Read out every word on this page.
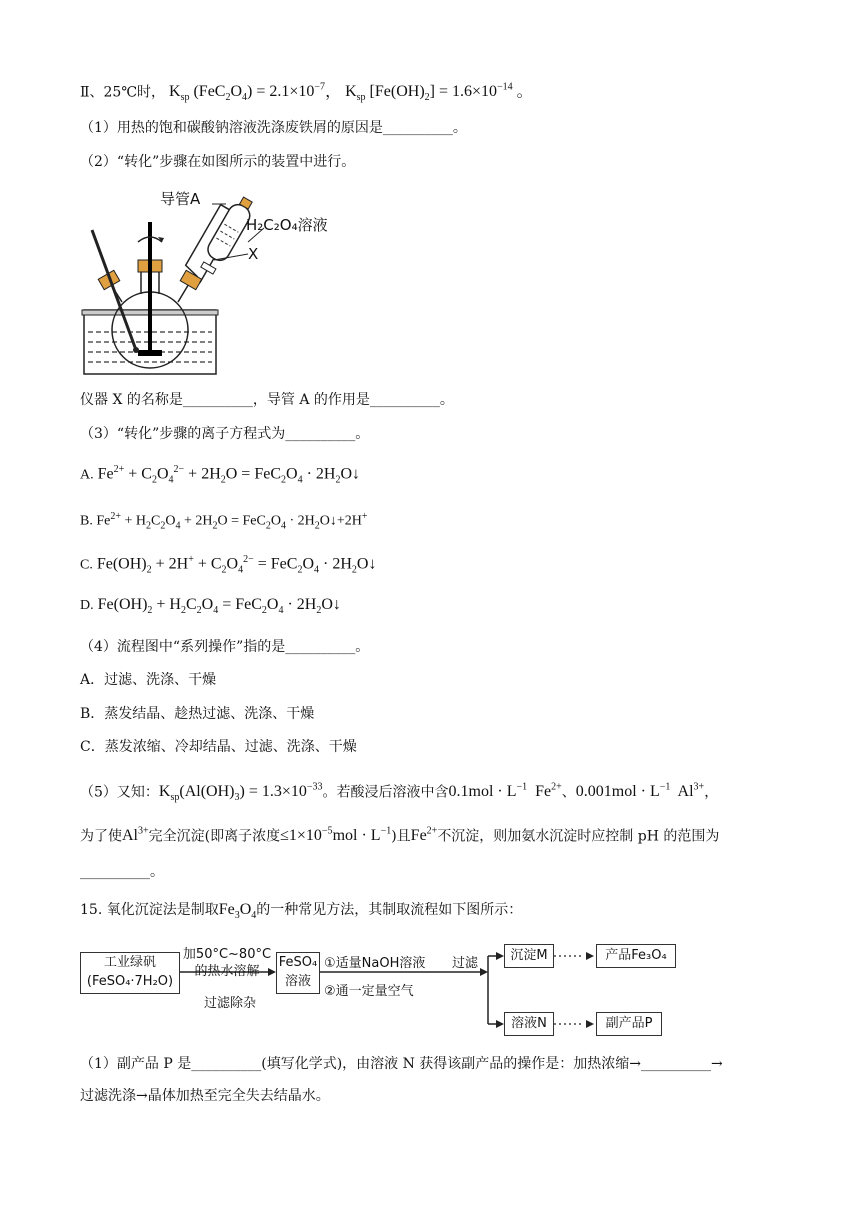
Ⅱ、25℃时， $K_{sp}$ $(FeC_2O_4) = 2.1\times 10^{-7}$， $K_{sp}$ $[Fe(OH)_2] = 1.6\times 10^{-14}$ 。
（1）用热的饱和碳酸钠溶液洗涤废铁屑的原因是__________。
（2）“转化”步骤在如图所示的装置中进行。
导管A
H₂C₂O₄溶液
X
仪器 X 的名称是__________，导管 A 的作用是__________。
（3）“转化”步骤的离子方程式为__________。
A. $Fe^{2+} + C_2O_4^{2-} + 2H_2O = FeC_2O_4$ · $2H_2O↓$
B. $Fe^{2+} + H_2C_2O_4 + 2H_2O = FeC_2O_4$ · $2H_2O↓+2H^+$
C. $Fe(OH)_2 + 2H^+ + C_2O_4^{2-} = FeC_2O_4$ · $2H_2O↓$
D. $Fe(OH)_2 + H_2C_2O_4 = FeC_2O_4$ · $2H_2O↓$
（4）流程图中“系列操作”指的是__________。
A．过滤、洗涤、干燥
B．蒸发结晶、趁热过滤、洗涤、干燥
C．蒸发浓缩、冷却结晶、过滤、洗涤、干燥
（5）又知：$K_{sp}(Al(OH)_3) = 1.3\times 10^{-33}$。若酸浸后溶液中含$0.1mol \cdot L^{-1}$  $Fe^{2+}$、$0.001mol \cdot L^{-1}$  $Al^{3+}$，
为了使$Al^{3+}$完全沉淀(即离子浓度$\le 1\times 10^{-5}mol \cdot L^{-1}$)且$Fe^{2+}$不沉淀，则加氨水沉淀时应控制 pH 的范围为
__________。
15. 氧化沉淀法是制取$Fe_3O_4$的一种常见方法，其制取流程如下图所示：
工业绿矾
(FeSO₄·7H₂O)
加50°C~80°C
的热水溶解
过滤除杂
FeSO₄
溶液
①适量NaOH溶液
②通一定量空气
过滤
沉淀M
溶液N
产品Fe₃O₄
副产品P
（1）副产品 P 是__________(填写化学式)，由溶液 N 获得该副产品的操作是：加热浓缩→__________→
过滤洗涤→晶体加热至完全失去结晶水。
